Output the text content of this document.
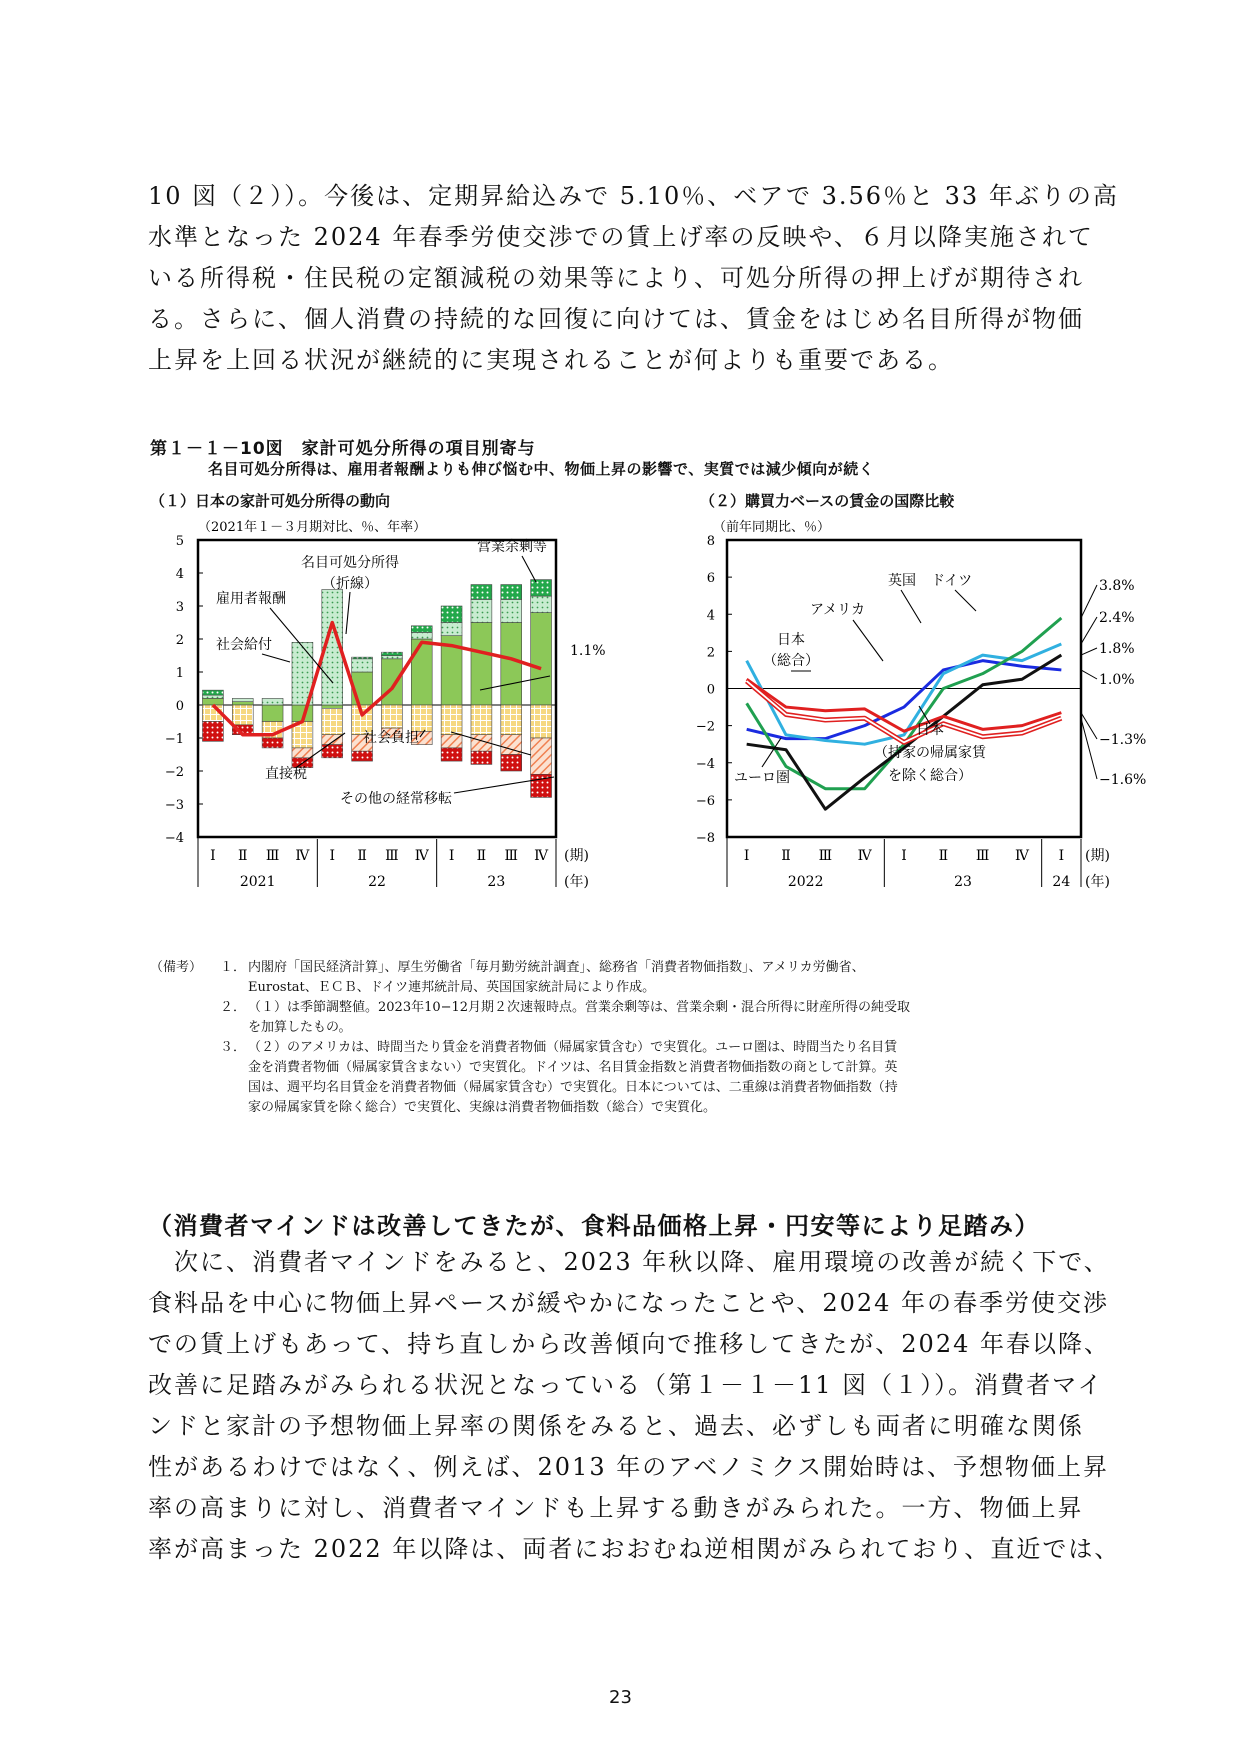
10 図（２））。今後は、定期昇給込みで 5.10％、ベアで 3.56％と 33 年ぶりの高
水準となった 2024 年春季労使交渉での賃上げ率の反映や、６月以降実施されて
いる所得税・住民税の定額減税の効果等により、可処分所得の押上げが期待され
る。さらに、個人消費の持続的な回復に向けては、賃金をはじめ名目所得が物価
上昇を上回る状況が継続的に実現されることが何よりも重要である。
第１－１－10図　家計可処分所得の項目別寄与
名目可処分所得は、雇用者報酬よりも伸び悩む中、物価上昇の影響で、実質では減少傾向が続く
（１）日本の家計可処分所得の動向	（２）購買力ベースの賃金の国際比較
（2021年１－３月期対比、％、年率）
5
4
3
2
1
0
−1
−2
−3
−4
Ⅰ Ⅱ Ⅲ Ⅳ Ⅰ Ⅱ Ⅲ Ⅳ Ⅰ Ⅱ Ⅲ Ⅳ
2021	22	23
(期)
(年)
名目可処分所得
（折線）
営業余剰等
雇用者報酬
社会給付
社会負担
直接税
その他の経常移転
1.1%
（前年同期比、％）
8
6
4
2
0
−2
−4
−6
−8
Ⅰ Ⅱ Ⅲ Ⅳ Ⅰ Ⅱ Ⅲ Ⅳ Ⅰ
2022	23	24
(期)
(年)
英国 ドイツ
アメリカ
日本
（総合）
日本
（持家の帰属家賃
を除く総合）
ユーロ圏
3.8%
2.4%
1.8%
1.0%
−1.3%
−1.6%
（備考）	１． 内閣府「国民経済計算」、厚生労働省「毎月勤労統計調査」、総務省「消費者物価指数」、アメリカ労働省、
Eurostat、ＥＣＢ、ドイツ連邦統計局、英国国家統計局により作成。
２． （１）は季節調整値。2023年10−12月期２次速報時点。営業余剰等は、営業余剰・混合所得に財産所得の純受取
を加算したもの。
３． （２）のアメリカは、時間当たり賃金を消費者物価（帰属家賃含む）で実質化。ユーロ圏は、時間当たり名目賃
金を消費者物価（帰属家賃含まない）で実質化。ドイツは、名目賃金指数と消費者物価指数の商として計算。英
国は、週平均名目賃金を消費者物価（帰属家賃含む）で実質化。日本については、二重線は消費者物価指数（持
家の帰属家賃を除く総合）で実質化、実線は消費者物価指数（総合）で実質化。
（消費者マインドは改善してきたが、食料品価格上昇・円安等により足踏み）
　次に、消費者マインドをみると、2023 年秋以降、雇用環境の改善が続く下で、
食料品を中心に物価上昇ペースが緩やかになったことや、2024 年の春季労使交渉
での賃上げもあって、持ち直しから改善傾向で推移してきたが、2024 年春以降、
改善に足踏みがみられる状況となっている（第１－１－11 図（１））。消費者マイ
ンドと家計の予想物価上昇率の関係をみると、過去、必ずしも両者に明確な関係
性があるわけではなく、例えば、2013 年のアベノミクス開始時は、予想物価上昇
率の高まりに対し、消費者マインドも上昇する動きがみられた。一方、物価上昇
率が高まった 2022 年以降は、両者におおむね逆相関がみられており、直近では、
23
